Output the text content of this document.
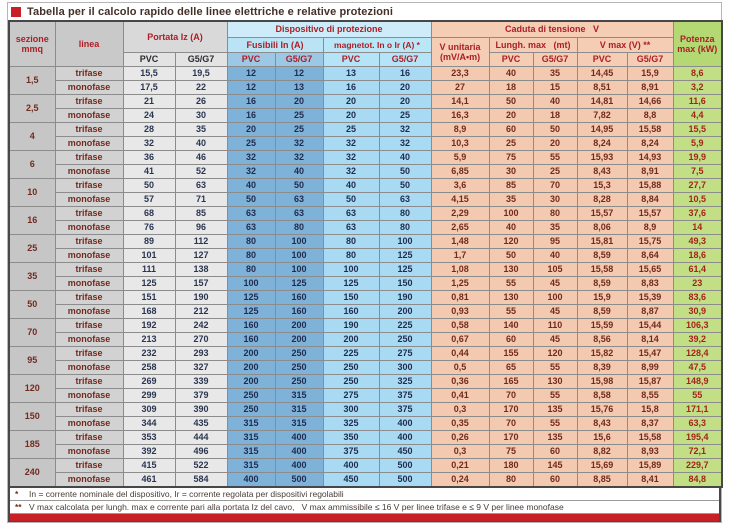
Tabella per il calcolo rapido delle linee elettriche e relative protezioni
sezione
mmq	linea	Portata Iz (A)		Dispositivo di protezione				Caduta di tensione   V					Potenza
max (kW)
				Fusibili In (A)		magnetot. In o Ir (A) *		V unitaria
(mV/A•m)	Lungh. max   (mt)		V max (V) **		
		PVC	G5/G7	PVC	G5/G7	PVC	G5/G7		PVC	G5/G7	PVC	G5/G7	
1,5	trifase	15,5	19,5	12	12	13	16	23,3	40	35	14,45	15,9	8,6
	monofase	17,5	22	12	13	16	20	27	18	15	8,51	8,91	3,2
2,5	trifase	21	26	16	20	20	20	14,1	50	40	14,81	14,66	11,6
	monofase	24	30	16	25	20	25	16,3	20	18	7,82	8,8	4,4
4	trifase	28	35	20	25	25	32	8,9	60	50	14,95	15,58	15,5
	monofase	32	40	25	32	32	32	10,3	25	20	8,24	8,24	5,9
6	trifase	36	46	32	32	32	40	5,9	75	55	15,93	14,93	19,9
	monofase	41	52	32	40	32	50	6,85	30	25	8,43	8,91	7,5
10	trifase	50	63	40	50	40	50	3,6	85	70	15,3	15,88	27,7
	monofase	57	71	50	63	50	63	4,15	35	30	8,28	8,84	10,5
16	trifase	68	85	63	63	63	80	2,29	100	80	15,57	15,57	37,6
	monofase	76	96	63	80	63	80	2,65	40	35	8,06	8,9	14
25	trifase	89	112	80	100	80	100	1,48	120	95	15,81	15,75	49,3
	monofase	101	127	80	100	80	125	1,7	50	40	8,59	8,64	18,6
35	trifase	111	138	80	100	100	125	1,08	130	105	15,58	15,65	61,4
	monofase	125	157	100	125	125	150	1,25	55	45	8,59	8,83	23
50	trifase	151	190	125	160	150	190	0,81	130	100	15,9	15,39	83,6
	monofase	168	212	125	160	160	200	0,93	55	45	8,59	8,87	30,9
70	trifase	192	242	160	200	190	225	0,58	140	110	15,59	15,44	106,3
	monofase	213	270	160	200	200	250	0,67	60	45	8,56	8,14	39,2
95	trifase	232	293	200	250	225	275	0,44	155	120	15,82	15,47	128,4
	monofase	258	327	200	250	250	300	0,5	65	55	8,39	8,99	47,5
120	trifase	269	339	200	250	250	325	0,36	165	130	15,98	15,87	148,9
	monofase	299	379	250	315	275	375	0,41	70	55	8,58	8,55	55
150	trifase	309	390	250	315	300	375	0,3	170	135	15,76	15,8	171,1
	monofase	344	435	315	315	325	400	0,35	70	55	8,43	8,37	63,3
185	trifase	353	444	315	400	350	400	0,26	170	135	15,6	15,58	195,4
	monofase	392	496	315	400	375	450	0,3	75	60	8,82	8,93	72,1
240	trifase	415	522	315	400	400	500	0,21	180	145	15,69	15,89	229,7
	monofase	461	584	400	500	450	500	0,24	80	60	8,85	8,41	84,8
*	In = corrente nominale del dispositivo, Ir = corrente regolata per dispositivi regolabili
** V max calcolata per lungh. max e corrente pari alla portata Iz del cavo,   V max ammissibile ≤ 16 V per linee trifase e ≤ 9 V per linee monofase
